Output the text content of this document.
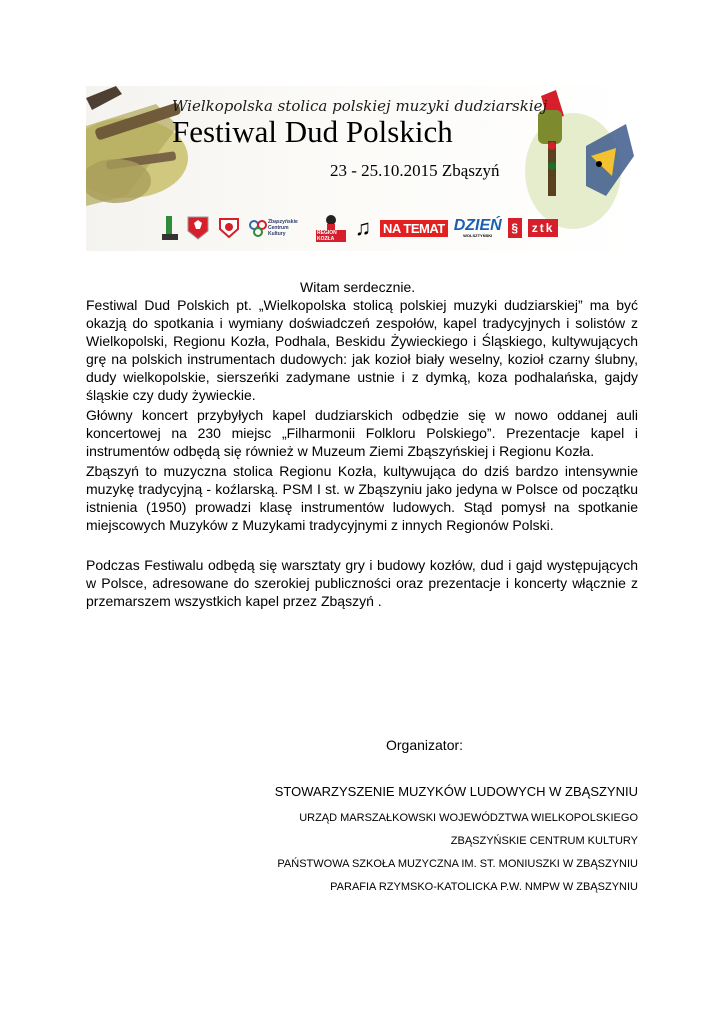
Wielkopolska stolica polskiej muzyki dudziarskiej
Festiwal Dud Polskich
23 - 25.10.2015 Zbąszyń
Zbąszyńskie Centrum Kultury	REGION KOZŁA ♫ NA TEMAT DZIEŃ
WOLSZTYŃSKI
§	ztk
Witam serdecznie.
Festiwal Dud Polskich pt. „Wielkopolska stolicą polskiej muzyki dudziarskiej” ma być okazją do spotkania i wymiany doświadczeń zespołów, kapel tradycyjnych i solistów z Wielkopolski, Regionu Kozła, Podhala, Beskidu Żywieckiego i Śląskiego, kultywujących grę na polskich instrumentach dudowych: jak kozioł biały weselny, kozioł czarny ślubny, dudy wielkopolskie, sierszeńki zadymane ustnie i z dymką, koza podhalańska, gajdy śląskie czy dudy żywieckie.
Główny koncert przybyłych kapel dudziarskich odbędzie się w nowo oddanej auli koncertowej na 230 miejsc „Filharmonii Folkloru Polskiego”. Prezentacje kapel i instrumentów odbędą się również w Muzeum Ziemi Zbąszyńskiej i Regionu Kozła.
Zbąszyń to muzyczna stolica Regionu Kozła, kultywująca do dziś bardzo intensywnie muzykę tradycyjną - koźlarską. PSM I st. w Zbąszyniu jako jedyna w Polsce od początku istnienia (1950) prowadzi klasę instrumentów ludowych. Stąd pomysł na spotkanie miejscowych Muzyków z Muzykami tradycyjnymi z innych Regionów Polski.
Podczas Festiwalu odbędą się warsztaty gry i budowy kozłów, dud i gajd występujących w Polsce, adresowane do szerokiej publiczności oraz prezentacje i koncerty włącznie z przemarszem wszystkich kapel przez Zbąszyń .
Organizator:
STOWARZYSZENIE MUZYKÓW LUDOWYCH W ZBĄSZYNIU
URZĄD MARSZAŁKOWSKI WOJEWÓDZTWA WIELKOPOLSKIEGO
ZBĄSZYŃSKIE CENTRUM KULTURY
PAŃSTWOWA SZKOŁA MUZYCZNA IM. ST. MONIUSZKI W ZBĄSZYNIU
PARAFIA RZYMSKO-KATOLICKA P.W. NMPW W ZBĄSZYNIU
